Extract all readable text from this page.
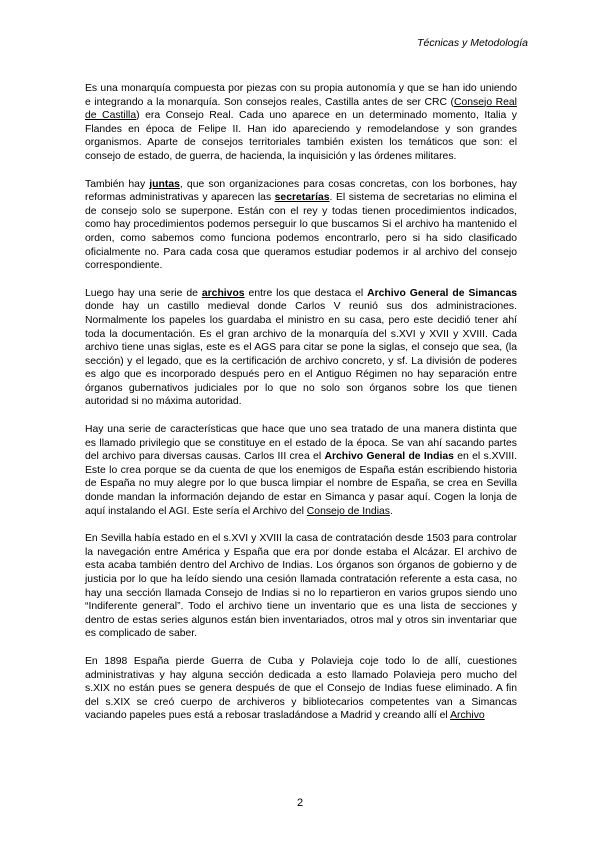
Técnicas y Metodología

Es una monarquía compuesta por piezas con su propia autonomía y que se han ido uniendo e integrando a la monarquía. Son consejos reales, Castilla antes de ser CRC (Consejo Real de Castilla) era Consejo Real. Cada uno aparece en un determinado momento, Italia y Flandes en época de Felipe II. Han ido apareciendo y remodelandose y son grandes organismos. Aparte de consejos territoriales también existen los temáticos que son: el consejo de estado, de guerra, de hacienda, la inquisición y las órdenes militares.

También hay juntas, que son organizaciones para cosas concretas, con los borbones, hay reformas administrativas y aparecen las secretarías. El sistema de secretarias no elimina el de consejo solo se superpone. Están con el rey y todas tienen procedimientos indicados, como hay procedimientos podemos perseguir lo que buscamos Si el archivo ha mantenido el orden, como sabemos como funciona podemos encontrarlo, pero si ha sido clasificado oficialmente no. Para cada cosa que queramos estudiar podemos ir al archivo del consejo correspondiente.

Luego hay una serie de archivos entre los que destaca el Archivo General de Simancas donde hay un castillo medieval donde Carlos V reunió sus dos administraciones. Normalmente los papeles los guardaba el ministro en su casa, pero este decidió tener ahí toda la documentación. Es el gran archivo de la monarquía del s.XVI y XVII y XVIII. Cada archivo tiene unas siglas, este es el AGS para citar se pone la siglas, el consejo que sea, (la sección) y el legado, que es la certificación de archivo concreto, y sf. La división de poderes es algo que es incorporado después pero en el Antiguo Régimen no hay separación entre órganos gubernativos judiciales por lo que no solo son órganos sobre los que tienen autoridad si no máxima autoridad.

Hay una serie de características que hace que uno sea tratado de una manera distinta que es llamado privilegio que se constituye en el estado de la época. Se van ahí sacando partes del archivo para diversas causas. Carlos III crea el Archivo General de Indias en el s.XVIII. Este lo crea porque se da cuenta de que los enemigos de España están escribiendo historia de España no muy alegre por lo que busca limpiar el nombre de España, se crea en Sevilla donde mandan la información dejando de estar en Simanca y pasar aquí. Cogen la lonja de aquí instalando el AGI. Este sería el Archivo del Consejo de Indias.

En Sevilla había estado en el s.XVI y XVIII la casa de contratación desde 1503 para controlar la navegación entre América y España que era por donde estaba el Alcázar. El archivo de esta acaba también dentro del Archivo de Indias. Los órganos son órganos de gobierno y de justicia por lo que ha leído siendo una cesión llamada contratación referente a esta casa, no hay una sección llamada Consejo de Indias si no lo repartieron en varios grupos siendo uno “Indiferente general”. Todo el archivo tiene un inventario que es una lista de secciones y dentro de estas series algunos están bien inventariados, otros mal y otros sin inventariar que es complicado de saber.

En 1898 España pierde Guerra de Cuba y Polavieja coje todo lo de allí, cuestiones administrativas y hay alguna sección dedicada a esto llamado Polavieja pero mucho del s.XIX no están pues se genera después de que el Consejo de Indias fuese eliminado. A fin del s.XIX se creó cuerpo de archiveros y bibliotecarios competentes van a Simancas vaciando papeles pues está a rebosar trasladándose a Madrid y creando allí el Archivo

2
